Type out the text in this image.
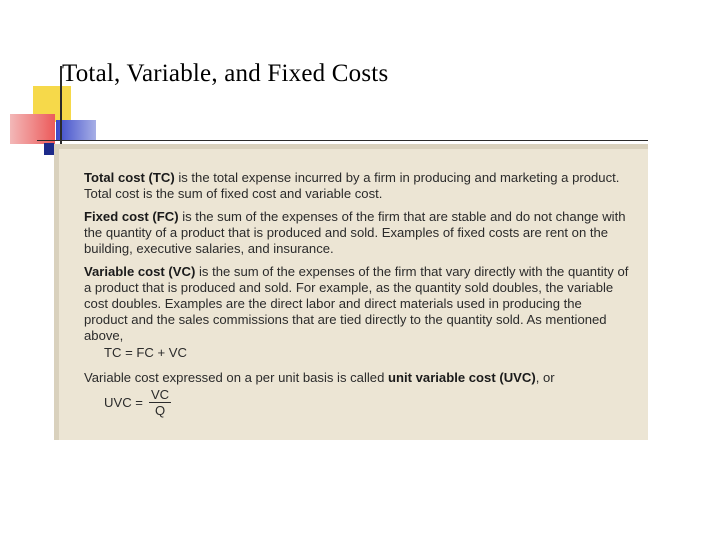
Total, Variable, and Fixed Costs

Total cost (TC) is the total expense incurred by a firm in producing and marketing a product. Total cost is the sum of fixed cost and variable cost.

Fixed cost (FC) is the sum of the expenses of the firm that are stable and do not change with the quantity of a product that is produced and sold. Examples of fixed costs are rent on the building, executive salaries, and insurance.

Variable cost (VC) is the sum of the expenses of the firm that vary directly with the quantity of a product that is produced and sold. For example, as the quantity sold doubles, the variable cost doubles. Examples are the direct labor and direct materials used in producing the product and the sales commissions that are tied directly to the quantity sold. As mentioned above,

TC = FC + VC

Variable cost expressed on a per unit basis is called unit variable cost (UVC), or

UVC = $\frac{VC}{Q}$
